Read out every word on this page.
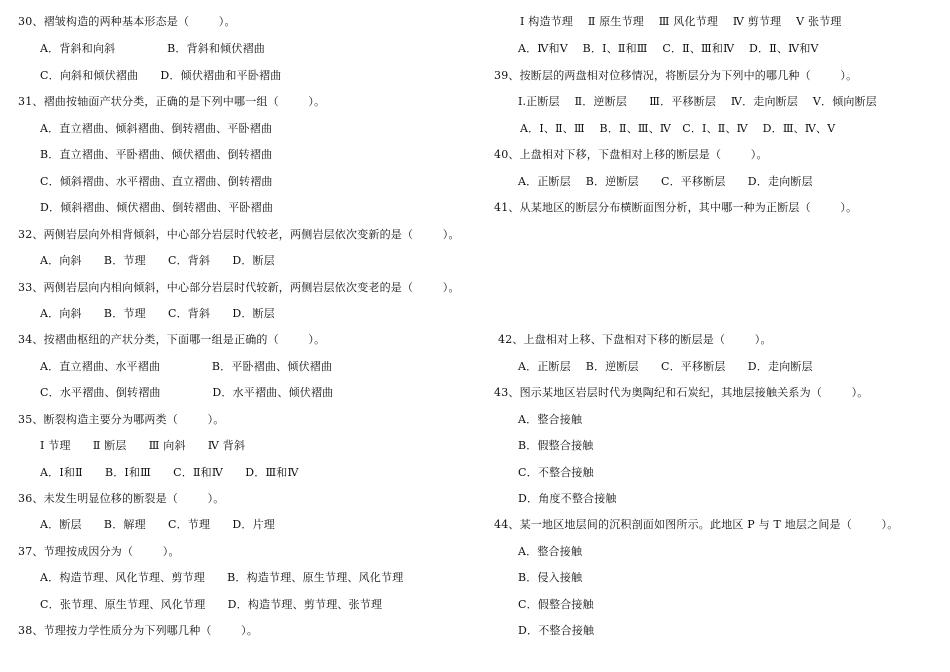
30、褶皱构造的两种基本形态是（        ）。
A．背斜和向斜              B．背斜和倾伏褶曲
C．向斜和倾伏褶曲      D．倾伏褶曲和平卧褶曲
31、褶曲按轴面产状分类，正确的是下列中哪一组（        ）。
A．直立褶曲、倾斜褶曲、倒转褶曲、平卧褶曲
B．直立褶曲、平卧褶曲、倾伏褶曲、倒转褶曲
C．倾斜褶曲、水平褶曲、直立褶曲、倒转褶曲
D．倾斜褶曲、倾伏褶曲、倒转褶曲、平卧褶曲
32、两侧岩层向外相背倾斜，中心部分岩层时代较老，两侧岩层依次变新的是（        ）。
A．向斜      B．节理      C．背斜      D．断层
33、两侧岩层向内相向倾斜，中心部分岩层时代较新，两侧岩层依次变老的是（        ）。
A．向斜      B．节理      C．背斜      D．断层
34、按褶曲枢纽的产状分类，下面哪一组是正确的（        ）。
A．直立褶曲、水平褶曲              B．平卧褶曲、倾伏褶曲
C．水平褶曲、倒转褶曲              D．水平褶曲、倾伏褶曲
35、断裂构造主要分为哪两类（        ）。
Ⅰ 节理      Ⅱ 断层      Ⅲ 向斜      Ⅳ 背斜
A．Ⅰ和Ⅱ      B．Ⅰ和Ⅲ      C．Ⅱ和Ⅳ      D．Ⅲ和Ⅳ
36、未发生明显位移的断裂是（        ）。
A．断层      B．解理      C．节理      D．片理
37、节理按成因分为（        ）。
A．构造节理、风化节理、剪节理      B．构造节理、原生节理、风化节理
C．张节理、原生节理、风化节理      D．构造节理、剪节理、张节理
38、节理按力学性质分为下列哪几种（        ）。
Ⅰ 构造节理    Ⅱ 原生节理    Ⅲ 风化节理    Ⅳ 剪节理    Ⅴ 张节理
A．Ⅳ和Ⅴ    B．Ⅰ、Ⅱ和Ⅲ    C．Ⅱ、Ⅲ和Ⅳ    D．Ⅱ、Ⅳ和Ⅴ
39、按断层的两盘相对位移情况，将断层分为下列中的哪几种（        ）。
Ⅰ.正断层    Ⅱ．逆断层      Ⅲ．平移断层    Ⅳ．走向断层    Ⅴ．倾向断层
A．Ⅰ、Ⅱ、Ⅲ    B．Ⅱ、Ⅲ、Ⅳ   C．Ⅰ、Ⅱ、Ⅳ    D．Ⅲ、Ⅳ、Ⅴ
40、上盘相对下移，下盘相对上移的断层是（        ）。
A．正断层    B．逆断层      C．平移断层      D．走向断层
41、从某地区的断层分布横断面图分析，其中哪一种为正断层（        ）。
42、上盘相对上移、下盘相对下移的断层是（        ）。
A．正断层    B．逆断层      C．平移断层      D．走向断层
43、图示某地区岩层时代为奥陶纪和石炭纪，其地层接触关系为（        ）。
A．整合接触
B．假整合接触
C．不整合接触
D．角度不整合接触
44、某一地区地层间的沉积剖面如图所示。此地区 P 与 T 地层之间是（        ）。
A．整合接触
B．侵入接触
C．假整合接触
D．不整合接触
